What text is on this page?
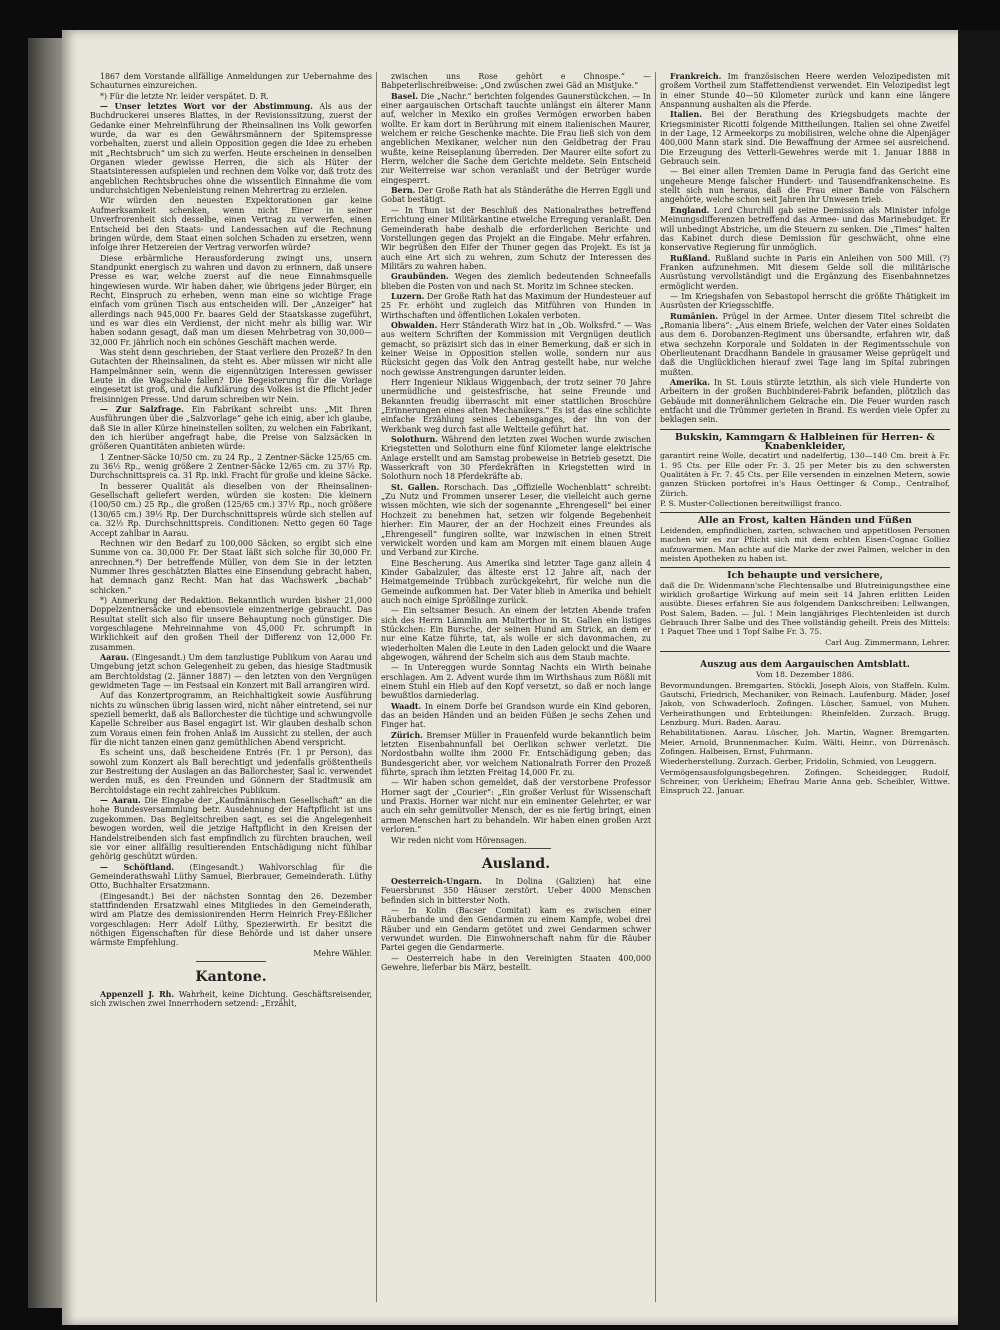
1867 dem Vorstande allfällige Anmeldungen zur Uebernahme des Schauturnes einzureichen.

*) Für die letzte Nr. leider verspätet. D. R.

— Unser letztes Wort vor der Abstimmung. Als aus der Buchdruckerei unseres Blattes, in der Revisionssitzung, zuerst der Gedanke einer Mehreinführung der Rheinsalinen ins Volk geworfen wurde, da war es den Gewährsmännern der Spitemspresse vorbehalten, zuerst und allein Opposition gegen die Idee zu erheben mit „Rechtsbruch“ um sich zu werfen. Heute erscheinen in denselben Organen wieder gewisse Herren, die sich als Hüter der Staatsinteressen aufspielen und rechnen dem Volke vor, daß trotz des angeblichen Rechtsbruches ohne die wissentlich Einnahme die vom undurchsichtigen Nebenleistung reinen Mehrertrag zu erzielen.

Wir würden den neuesten Expektorationen gar keine Aufmerksamkeit schenken, wenn nicht Einer in seiner Unverfrorenheit sich desselbe, einen Vertrag zu verwerfen, einen Entscheid bei den Staats- und Landessachen auf die Rechnung bringen würde, dem Staat einen solchen Schaden zu ersetzen, wenn infolge ihrer Hetzereien der Vertrag verworfen würde?

Diese erbärmliche Herausforderung zwingt uns, unsern Standpunkt energisch zu wahren und davon zu erinnern, daß unsere Presse es war, welche zuerst auf die neue Einnahmsquelle hingewiesen wurde. Wir haben daher, wie übrigens jeder Bürger, ein Recht, Einspruch zu erheben, wenn man eine so wichtige Frage einfach vom grünen Tisch aus entscheiden will. Der „Anzeiger“ hat allerdings nach 945,000 Fr. baares Geld der Staatskasse zugeführt, und es war dies ein Verdienst, der nicht mehr als billig war. Wir haben sodann gesagt, daß man um diesen Mehrbetrag von 30,000—32,000 Fr. jährlich noch ein schönes Geschäft machen werde.

Was steht denn geschrieben, der Staat verliere den Prozeß? In den Gutachten der Rheinsalinen, da steht es. Aber müssen wir nicht alle Hampelmänner sein, wenn die eigennützigen Interessen gewisser Leute in die Wagschale fallen? Die Begeisterung für die Vorlage eingesetzt ist groß, und die Aufklärung des Volkes ist die Pflicht jeder freisinnigen Presse. Und darum schreiben wir Nein.

— Zur Salzfrage. Ein Fabrikant schreibt uns: „Mit Ihren Ausführungen über die „Salzvorlage“ gehe ich einig, aber ich glaube, daß Sie in aller Kürze hineinstellen sollten, zu welchen ein Fabrikant, den ich hierüber angefragt habe, die Preise von Salzsäcken in größeren Quantitäten anbieten würde:

1 Zentner-Säcke 10/50 cm. zu 24 Rp., 2 Zentner-Säcke 125/65 cm. zu 36½ Rp., wenig größere 2 Zentner-Säcke 12/65 cm. zu 37½ Rp. Durchschnittspreis ca. 31 Rp. inkl. Fracht für große und kleine Säcke.

In besserer Qualität als dieselben von der Rheinsalinen-Gesellschaft geliefert werden, würden sie kosten: Die kleinern (100/50 cm.) 25 Rp., die großen (125/65 cm.) 37½ Rp., noch größere (130/65 cm.) 39½ Rp. Der Durchschnittspreis würde sich stellen auf ca. 32½ Rp. Durchschnittspreis. Conditionen: Netto gegen 60 Tage Accept zahlbar in Aarau.

Rechnen wir den Bedarf zu 100,000 Säcken, so ergibt sich eine Summe von ca. 30,000 Fr. Der Staat läßt sich solche für 30,000 Fr. anrechnen.*) Der betreffende Müller, von dem Sie in der letzten Nummer Ihres geschätzten Blattes eine Einsendung gebracht haben, hat demnach ganz Recht. Man hat das Wachswerk „bachab“ schicken.“

*) Anmerkung der Redaktion. Bekanntlich wurden bisher 21,000 Doppelzentnersäcke und ebensoviele einzentnerige gebraucht. Das Resultat stellt sich also für unsere Behauptung noch günstiger. Die vorgeschlagene Mehreinnahme von 45,000 Fr. schrumpft in Wirklichkeit auf den großen Theil der Differenz von 12,000 Fr. zusammen.

Aarau. (Eingesandt.) Um dem tanzlustige Publikum von Aarau und Umgebung jetzt schon Gelegenheit zu geben, das hiesige Stadtmusik am Berchtoldstag (2. Jänner 1887) — den letzten von den Vergnügen gewidmeten Tage — im Festsaal ein Konzert mit Ball arrangiren wird.

Auf das Konzertprogramm, an Reichhaltigkeit sowie Ausführung nichts zu wünschen übrig lassen wird, nicht näher eintretend, sei nur speziell bemerkt, daß als Ballorchester die tüchtige und schwungvolle Kapelle Schreiber aus Basel engagirt ist. Wir glauben deshalb schon zum Voraus einen fein frohen Anlaß im Aussicht zu stellen, der auch für die nicht tanzen einen ganz gemüthlichen Abend verspricht.

Es scheint uns, daß bescheidene Entrés (Fr. 1 pr Person), das sowohl zum Konzert als Ball berechtigt und jedenfalls größtentheils zur Bestreitung der Auslagen an das Ballorchester, Saal ic. verwendet werden muß, es den Freunden und Gönnern der Stadtmusik am Berchtoldstage ein recht zahlreiches Publikum.

— Aarau. Die Eingabe der „Kaufmännischen Gesellschaft“ an die hohe Bundesversammlung betr. Ausdehnung der Haftpflicht ist uns zugekommen. Das Begleitschreiben sagt, es sei die Angelegenheit bewogen worden, weil die jetzige Haftpflicht in den Kreisen der Handelstreibenden sich fast empfindlich zu fürchten brauchen, weil sie vor einer allfällig resultierenden Entschädigung nicht fühlbar gehörig geschützt würden.

— Schöftland. (Eingesandt.) Wahlvorschlag für die Gemeinderathswahl Lüthy Samuel, Bierbrauer, Gemeinderath. Lüthy Otto, Buchhalter Ersatzmann.

(Eingesandt.) Bei der nächsten Sonntag den 26. Dezember stattfindenden Ersatzwahl eines Mitgliedes in den Gemeinderath, wird am Platze des demissionirenden Herrn Heinrich Frey-Eßlicher vorgeschlagen: Herr Adolf Lüthy, Spezierwirth. Er besitzt die nöthigen Eigenschaften für diese Behörde und ist daher unsere wärmste Empfehlung.

Mehre Wähler.

Kantone.

Appenzell J. Rh. Wahrheit, keine Dichtung. Geschäftsreisender, sich zwischen zwei Innerrhodern setzend: „Erzählt,

zwischen uns Rose gehört e Chnospe.“ — Babpeterlischreibweise: „Ond zwüschen zwei Gäd an Mistjuke.“

Basel. Die „Nachr.“ berichten folgendes Gaunerstückchen. — In einer aargauischen Ortschaft tauchte unlängst ein älterer Mann auf, welcher in Mexiko ein großes Vermögen erworben haben wollte. Er kam dort in Berührung mit einem italienischen Maurer, welchem er reiche Geschenke machte. Die Frau ließ sich von dem angeblichen Mexikaner, welcher nun den Geldbetrag der Frau wußte, keine Reiseplanung überreden. Der Maurer eilte sofort zu Herrn, welcher die Sache dem Gerichte meldete. Sein Entscheid zur Weiterreise war schon veranlaßt und der Betrüger wurde eingesperrt.

Bern. Der Große Rath hat als Ständeräthe die Herren Eggli und Gobat bestätigt.

— In Thun ist der Beschluß des Nationalrathes betreffend Errichtung einer Militärkantine etwelche Erregung veranlaßt. Den Gemeinderath habe deshalb die erforderlichen Berichte und Vorstellungen gegen das Projekt an die Eingabe. Mehr erfahren. Wir begrüßen den Eifer der Thuner gegen das Projekt. Es ist ja auch eine Art sich zu wehren, zum Schutz der Interessen des Militärs zu wahren haben.

Graubünden. Wegen des ziemlich bedeutenden Schneefalls blieben die Posten von und nach St. Moritz im Schnee stecken.

Luzern. Der Große Rath hat das Maximum der Hundesteuer auf 25 Fr. erhöht und zugleich das Mitführen von Hunden in Wirthschaften und öffentlichen Lokalen verboten.

Obwalden. Herr Ständerath Wirz hat in „Ob. Wolksfrd.“ — Was aus weitern Schriften der Kommission mit Vergnügen deutlich gemacht, so präzisirt sich das in einer Bemerkung, daß er sich in keiner Weise in Opposition stellen wolle, sondern nur aus Rücksicht gegen das Volk den Antrag gestellt habe, nur welche noch gewisse Anstrengungen darunter leiden.

Herr Ingenieur Niklaus Wiggenbach, der trotz seiner 70 Jahre unermüdliche und geistesfrische, hat seine Freunde und Bekannten freudig überrascht mit einer stattlichen Broschüre „Erinnerungen eines alten Mechanikers.“ Es ist das eine schlichte einfache Erzählung seines Lebensganges, der ihn von der Werkbank weg durch fast alle Weltteile geführt hat.

Solothurn. Während den letzten zwei Wochen wurde zwischen Kriegstetten und Solothurn eine fünf Kilometer lange elektrische Anlage erstellt und am Samstag probeweise in Betrieb gesetzt. Die Wasserkraft von 30 Pferdekräften in Kriegstetten wird in Solothurn noch 18 Pferdekräfte ab.

St. Gallen. Rorschach. Das „Offizielle Wochenblatt“ schreibt: „Zu Nutz und Frommen unserer Leser, die vielleicht auch gerne wissen möchten, wie sich der sogenannte „Ehrengesell“ bei einer Hochzeit zu benehmen hat, setzen wir folgende Begebenheit hierher: Ein Maurer, der an der Hochzeit eines Freundes als „Ehrengesell“ fungiren sollte, war inzwischen in einen Streit verwickelt worden und kam am Morgen mit einem blauen Auge und Verband zur Kirche.

Eine Bescherung. Aus Amerika sind letzter Tage ganz allein 4 Kinder Gabalzuler, das älteste erst 12 Jahre alt, nach der Heimatgemeinde Trübbach zurückgekehrt, für welche nun die Gemeinde aufkommen hat. Der Vater blieb in Amerika und behielt auch noch einige Sprößlinge zurück.

— Ein seltsamer Besuch. An einem der letzten Abende trafen sich des Herrn Lämmlin am Multerthor in St. Gallen ein listiges Stückchen: Ein Bursche, der seinen Hund am Strick, an dem er nur eine Katze führte, tat, als wolle er sich davonmachen, zu wiederholten Malen die Leute in den Laden gelockt und die Waare abgewogen, während der Schelm sich aus dem Staub machte.

— In Untereggen wurde Sonntag Nachts ein Wirth beinahe erschlagen. Am 2. Advent wurde ihm im Wirthshaus zum Rößli mit einem Stuhl ein Hieb auf den Kopf versetzt, so daß er noch lange bewußtlos darniederlag.

Waadt. In einem Dorfe bei Grandson wurde ein Kind geboren, das an beiden Händen und an beiden Füßen je sechs Zehen und Finger hat.

Zürich. Bremser Müller in Frauenfeld wurde bekanntlich beim letzten Eisenbahnunfall bei Oerlikon schwer verletzt. Die Nordostbahn wollte ihm 2000 Fr. Entschädigung geben; das Bundesgericht aber, vor welchem Nationalrath Forrer den Prozeß führte, sprach ihm letzten Freitag 14,000 Fr. zu.

— Wir haben schon gemeldet, daß der verstorbene Professor Horner sagt der „Courier“: „Ein großer Verlust für Wissenschaft und Praxis. Horner war nicht nur ein eminenter Gelehrter, er war auch ein sehr gemütvoller Mensch, der es nie fertig bringt, einen armen Menschen hart zu behandeln. Wir haben einen großen Arzt verloren.“

Wir reden nicht vom Hörensagen.

Ausland.

Oesterreich-Ungarn. In Dolina (Galizien) hat eine Feuersbrunst 350 Häuser zerstört. Ueber 4000 Menschen befinden sich in bitterster Noth.

— In Kolin (Bacser Comitat) kam es zwischen einer Räuberbande und den Gendarmen zu einem Kampfe, wobei drei Räuber und ein Gendarm getötet und zwei Gendarmen schwer verwundet wurden. Die Einwohnerschaft nahm für die Räuber Partei gegen die Gendarmerie.

— Oesterreich habe in den Vereinigten Staaten 400,000 Gewehre, lieferbar bis März, bestellt.

Frankreich. Im französischen Heere werden Velozipedisten mit großem Vortheil zum Staffettendienst verwendet. Ein Velozipedist legt in einer Stunde 40—50 Kilometer zurück und kann eine längere Anspannung aushalten als die Pferde.

Italien. Bei der Berathung des Kriegsbudgets machte der Kriegsminister Ricotti folgende Mittheilungen. Italien sei ohne Zweifel in der Lage, 12 Armeekorps zu mobilisiren, welche ohne die Alpenjäger 400,000 Mann stark sind. Die Bewaffnung der Armee sei ausreichend. Die Erzeugung des Vetterli-Gewehres werde mit 1. Januar 1888 in Gebrauch sein.

— Bei einer allen Tremien Dame in Perugia fand das Gericht eine ungeheure Menge falscher Hundert- und Tausendfrankenscheine. Es stellt sich nun heraus, daß die Frau einer Bande von Fälschern angehörte, welche schon seit Jahren ihr Unwesen trieb.

England. Lord Churchill gab seine Demission als Minister infolge Meinungsdifferenzen betreffend das Armee- und das Marinebudget. Er will unbedingt Abstriche, um die Steuern zu senken. Die „Times“ halten das Kabinet durch diese Demission für geschwächt, ohne eine konservative Regierung für unmöglich.

Rußland. Rußland suchte in Paris ein Anleihen von 500 Mill. (?) Franken aufzunehmen. Mit diesem Gelde soll die militärische Ausrüstung vervollständigt und die Ergänzung des Eisenbahnnetzes ermöglicht werden.

— Im Kriegshafen von Sebastopol herrscht die größte Thätigkeit im Ausrüsten der Kriegsschiffe.

Rumänien. Prügel in der Armee. Unter diesem Titel schreibt die „Romania libera“: „Aus einem Briefe, welchen der Vater eines Soldaten aus dem 6. Dorobanzen-Regiment uns übersandte, erfahren wir, daß etwa sechzehn Korporale und Soldaten in der Regimentsschule von Oberlieutenant Dracdhann Bandele in grausamer Weise geprügelt und daß die Unglücklichen hierauf zwei Tage lang im Spital zubringen mußten.

Amerika. In St. Louis stürzte letzthin, als sich viele Hunderte von Arbeitern in der großen Buchbinderei-Fabrik befanden, plötzlich das Gebäude mit donnerähnlichem Gekrache ein. Die Feuer wurden rasch entfacht und die Trümmer gerieten in Brand. Es werden viele Opfer zu beklagen sein.

Bukskin, Kammgarn & Halbleinen für Herren- & Knabenkleider,

garantirt reine Wolle, decatirt und nadelfertig, 130—140 Cm. breit à Fr. 1. 95 Cts. per Elle oder Fr. 3. 25 per Meter bis zu den schwersten Qualitäten à Fr. 7. 45 Cts. per Elle versenden in einzelnen Metern, sowie ganzen Stücken portofrei in's Haus Oettinger & Comp., Centralhof, Zürich.

P. S. Muster-Collectionen bereitwilligst franco.

Alle an Frost, kalten Händen und Füßen

Leidenden, empfindlichen, zarten, schwachen und appetitlosen Personen machen wir es zur Pflicht sich mit dem echten Eisen-Cognac Golliez aufzuwarmen. Man achte auf die Marke der zwei Palmen, welcher in den meisten Apotheken zu haben ist.

Ich behaupte und versichere,

daß die Dr. Widenmann'sche Flechtensalbe und Blutreinigungsthee eine wirklich großartige Wirkung auf mein seit 14 Jahren erlitten Leiden ausübte. Dieses erfahren Sie aus folgendem Dankschreiben: Lellwangen, Post Salem, Baden. — Jul. ! Mein langjähriges Flechtenleiden ist durch Gebrauch Ihrer Salbe und des Thee vollständig geheilt. Preis des Mittels: 1 Paquet Thee und 1 Topf Salbe Fr. 3. 75.

Carl Aug. Zimmermann, Lehrer.

Auszug aus dem Aargauischen Amtsblatt.

Vom 18. Dezember 1886.

Bevormundungen. Bremgarten. Stöckli, Joseph Alois, von Staffeln. Kulm. Gautschi, Friedrich, Mechaniker, von Reinach. Laufenburg. Mäder, Josef Jakob, von Schwaderloch. Zofingen. Lüscher, Samuel, von Muhen. Verheirathungen und Erbteilungen: Rheinfelden. Zurzach. Brugg. Lenzburg. Muri. Baden. Aarau.

Rehabilitationen. Aarau. Lüscher, Joh. Martin, Wagner. Bremgarten. Meier, Arnold, Brunnenmacher. Kulm. Wälti, Heinr., von Dürrenäsch. Zofingen. Halbeisen, Ernst, Fuhrmann.

Wiederherstellung. Zurzach. Gerber, Fridolin, Schmied, von Leuggern.

Vermögensausfolgungsbegehren. Zofingen. Scheidegger, Rudolf, Schreiner, von Uerkheim; Ehefrau Marie Anna geb. Scheibler, Wittwe. Einspruch 22. Januar.
